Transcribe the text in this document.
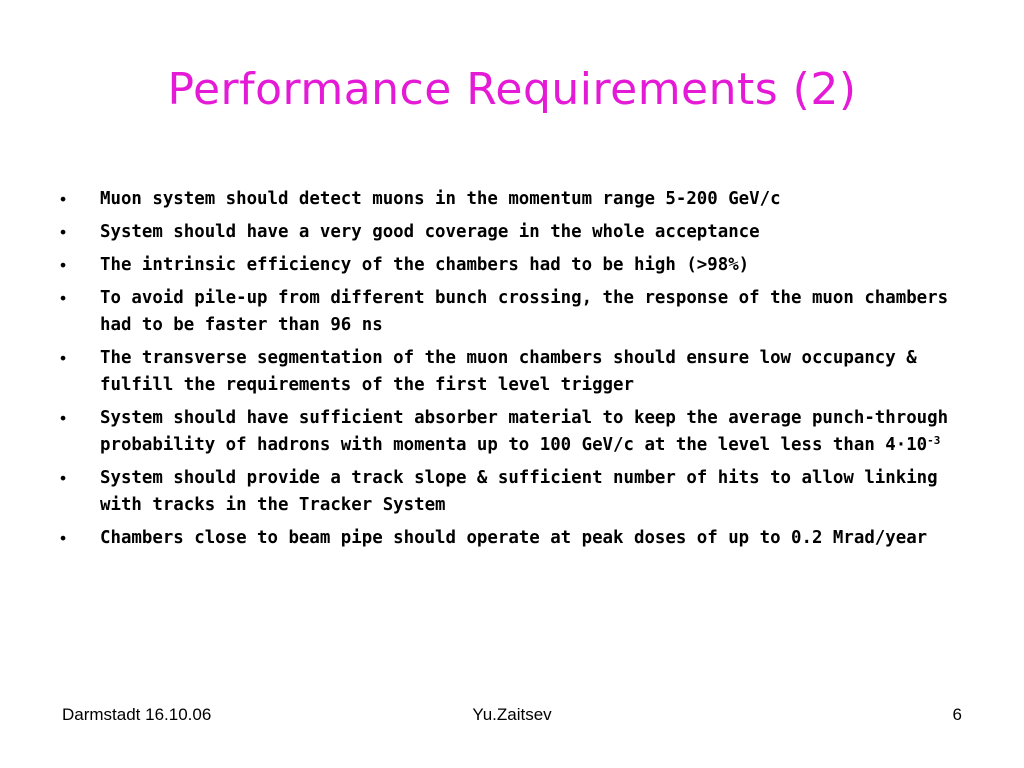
Performance Requirements (2)
•	Muon system should detect muons in the momentum range 5-200 GeV/c
•	System should have a very good coverage in the whole acceptance
•	The intrinsic efficiency of the chambers had to be high (>98%)
•	To avoid pile-up from different bunch crossing, the response of the muon chambers had to be faster than 96 ns
•	The transverse segmentation of the muon chambers should ensure low occupancy & fulfill the requirements of the first level trigger
•	System should have sufficient absorber material to keep the average punch-through probability of hadrons with momenta up to 100 GeV/c at the level less than $4\cdot 10^{-3}$
•	System should provide a track slope & sufficient number of hits to allow linking with tracks in the Tracker System
•	Chambers close to beam pipe should operate at peak doses of up to 0.2 Mrad/year
Darmstadt 16.10.06	Yu.Zaitsev	6
